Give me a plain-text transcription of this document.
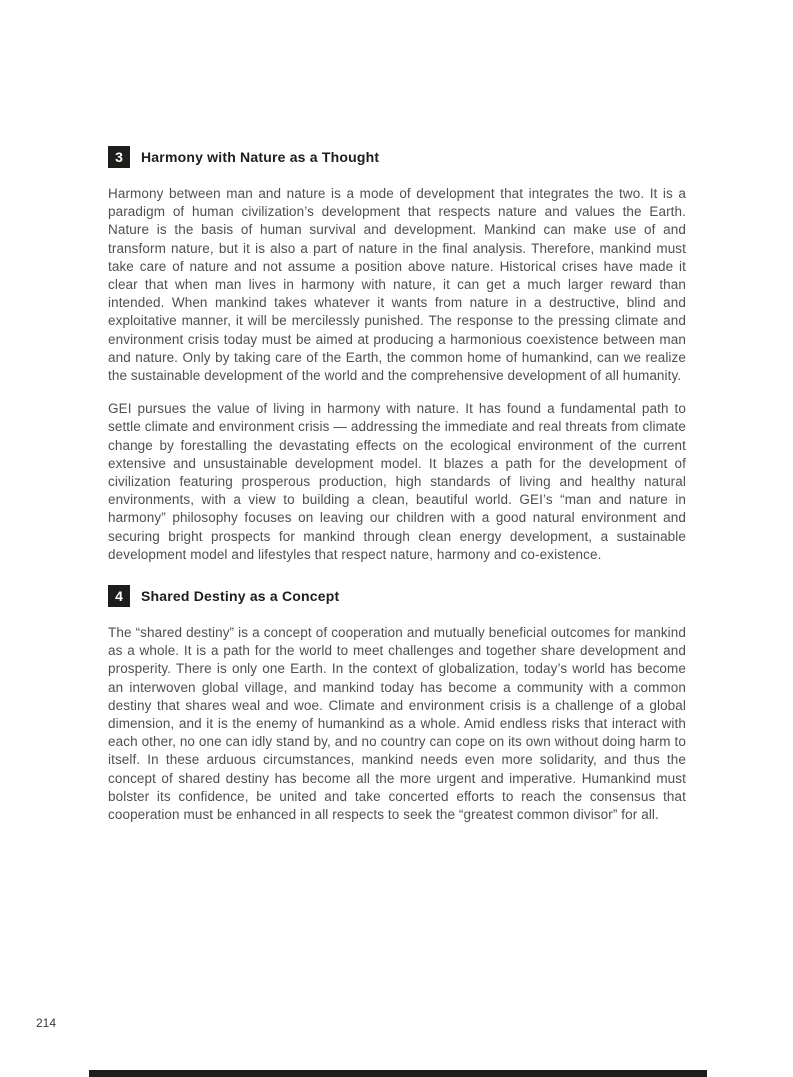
3	Harmony with Nature as a Thought

Harmony between man and nature is a mode of development that integrates the two. It is a paradigm of human civilization’s development that respects nature and values the Earth. Nature is the basis of human survival and development. Mankind can make use of and transform nature, but it is also a part of nature in the final analysis. Therefore, mankind must take care of nature and not assume a position above nature. Historical crises have made it clear that when man lives in harmony with nature, it can get a much larger reward than intended. When mankind takes whatever it wants from nature in a destructive, blind and exploitative manner, it will be mercilessly punished. The response to the pressing climate and environment crisis today must be aimed at producing a harmonious coexistence between man and nature. Only by taking care of the Earth, the common home of humankind, can we realize the sustainable development of the world and the comprehensive development of all humanity.

GEI pursues the value of living in harmony with nature. It has found a fundamental path to settle climate and environment crisis — addressing the immediate and real threats from climate change by forestalling the devastating effects on the ecological environment of the current extensive and unsustainable development model. It blazes a path for the development of civilization featuring prosperous production, high standards of living and healthy natural environments, with a view to building a clean, beautiful world. GEI’s “man and nature in harmony” philosophy focuses on leaving our children with a good natural environment and securing bright prospects for mankind through clean energy development, a sustainable development model and lifestyles that respect nature, harmony and co-existence.

4	Shared Destiny as a Concept

The “shared destiny” is a concept of cooperation and mutually beneficial outcomes for mankind as a whole. It is a path for the world to meet challenges and together share development and prosperity. There is only one Earth. In the context of globalization, today’s world has become an interwoven global village, and mankind today has become a community with a common destiny that shares weal and woe. Climate and environment crisis is a challenge of a global dimension, and it is the enemy of humankind as a whole. Amid endless risks that interact with each other, no one can idly stand by, and no country can cope on its own without doing harm to itself. In these arduous circumstances, mankind needs even more solidarity, and thus the concept of shared destiny has become all the more urgent and imperative. Humankind must bolster its confidence, be united and take concerted efforts to reach the consensus that cooperation must be enhanced in all respects to seek the “greatest common divisor” for all.

214
